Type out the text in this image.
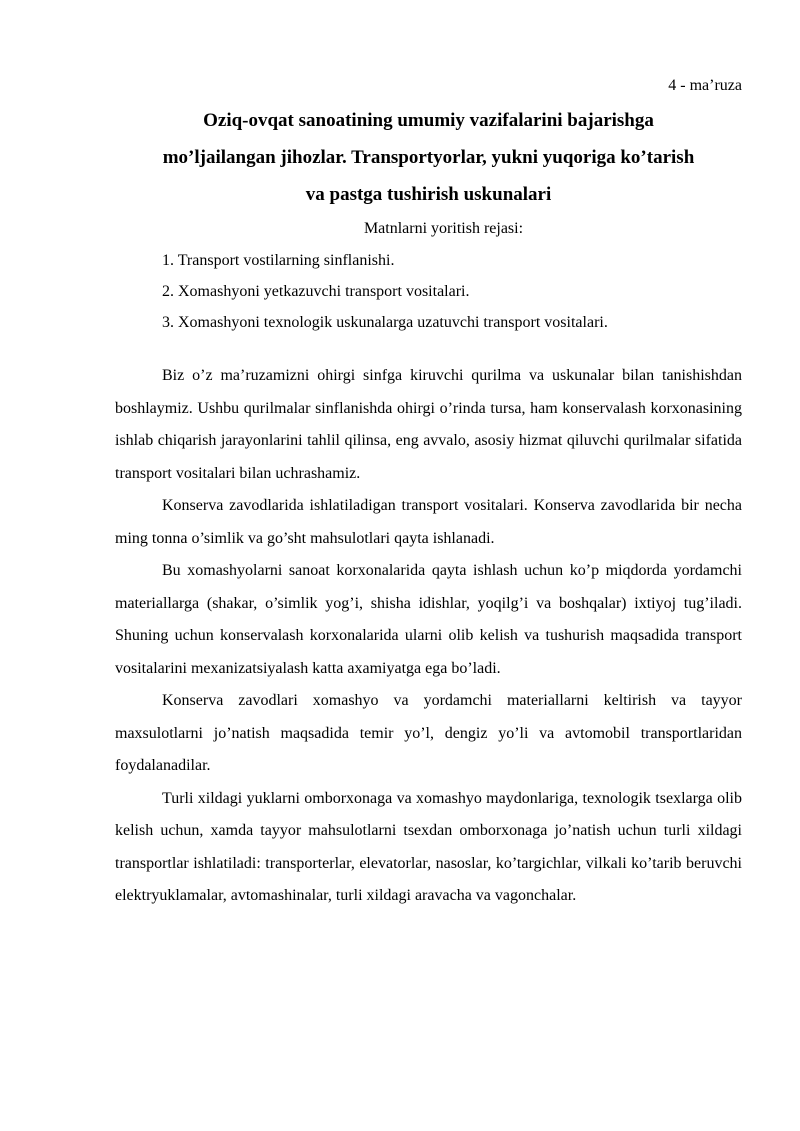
4 - ma’ruza

Oziq-ovqat sanoatining umumiy vazifalarini bajarishga
mo’ljailangan jihozlar. Transportyorlar, yukni yuqoriga ko’tarish
va pastga tushirish uskunalari

Matnlarni yoritish rejasi:

1. Transport vostilarning sinflanishi.
2. Xomashyoni yetkazuvchi transport vositalari.
3. Xomashyoni texnologik uskunalarga uzatuvchi transport vositalari.

Biz o’z ma’ruzamizni ohirgi sinfga kiruvchi qurilma va uskunalar bilan tanishishdan boshlaymiz. Ushbu qurilmalar sinflanishda ohirgi o’rinda tursa, ham konservalash korxonasining ishlab chiqarish jarayonlarini tahlil qilinsa, eng avvalo, asosiy hizmat qiluvchi qurilmalar sifatida transport vositalari bilan uchrashamiz.

Konserva zavodlarida ishlatiladigan transport vositalari. Konserva zavodlarida bir necha ming tonna o’simlik va go’sht mahsulotlari qayta ishlanadi.

Bu xomashyolarni sanoat korxonalarida qayta ishlash uchun ko’p miqdorda yordamchi materiallarga (shakar, o’simlik yog’i, shisha idishlar, yoqilg’i va boshqalar) ixtiyoj tug’iladi. Shuning uchun konservalash korxonalarida ularni olib kelish va tushurish maqsadida transport vositalarini mexanizatsiyalash katta axamiyatga ega bo’ladi.

Konserva zavodlari xomashyo va yordamchi materiallarni keltirish va tayyor maxsulotlarni jo’natish maqsadida temir yo’l, dengiz yo’li va avtomobil transportlaridan foydalanadilar.

Turli xildagi yuklarni omborxonaga va xomashyo maydonlariga, texnologik tsexlarga olib kelish uchun, xamda tayyor mahsulotlarni tsexdan omborxonaga jo’natish uchun turli xildagi transportlar ishlatiladi: transporterlar, elevatorlar, nasoslar, ko’targichlar, vilkali ko’tarib beruvchi elektryuklamalar, avtomashinalar, turli xildagi aravacha va vagonchalar.
